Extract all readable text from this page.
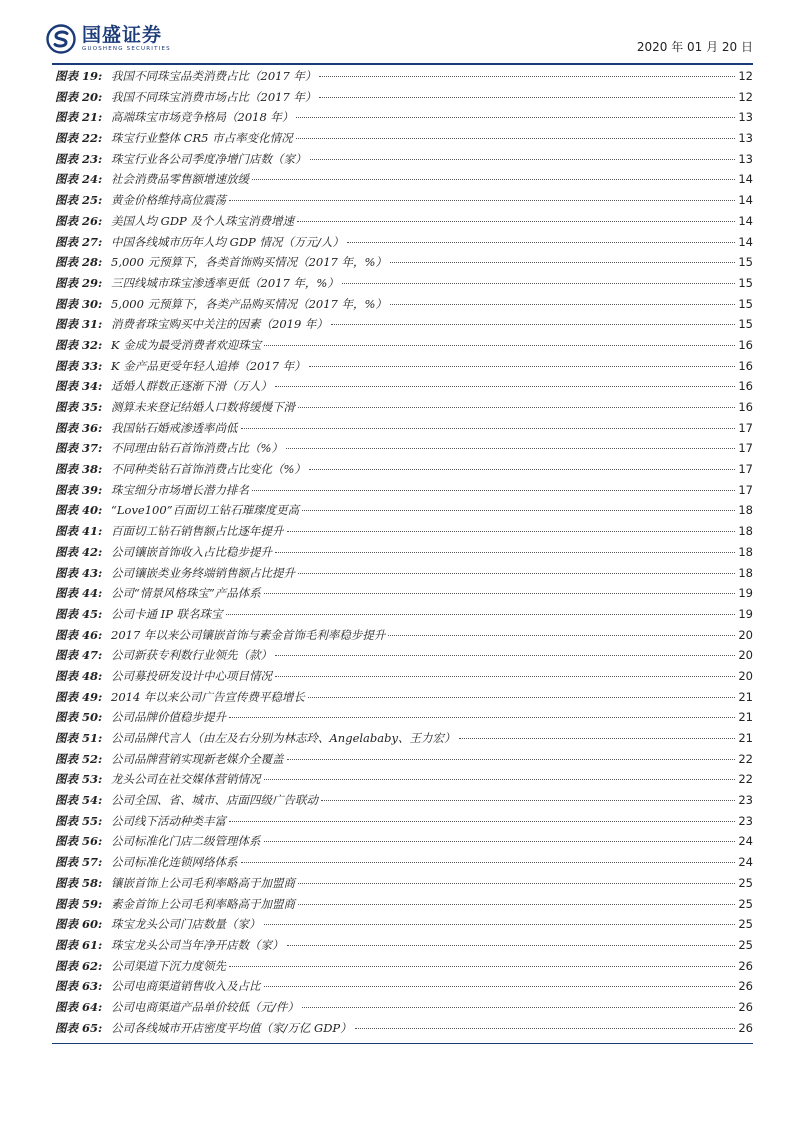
国盛证券
GUOSHENG SECURITIES	2020 年 01 月 20 日
图表 19: 我国不同珠宝品类消费占比（2017 年）	12
图表 20: 我国不同珠宝消费市场占比（2017 年）	12
图表 21: 高端珠宝市场竞争格局（2018 年）	13
图表 22: 珠宝行业整体 CR5 市占率变化情况	13
图表 23: 珠宝行业各公司季度净增门店数（家）	13
图表 24: 社会消费品零售额增速放缓	14
图表 25: 黄金价格维持高位震荡	14
图表 26: 美国人均 GDP 及个人珠宝消费增速	14
图表 27: 中国各线城市历年人均 GDP 情况（万元/人）	14
图表 28: 5,000 元预算下，各类首饰购买情况（2017 年，%）	15
图表 29: 三四线城市珠宝渗透率更低（2017 年，%）	15
图表 30: 5,000 元预算下，各类产品购买情况（2017 年，%）	15
图表 31: 消费者珠宝购买中关注的因素（2019 年）	15
图表 32: K 金成为最受消费者欢迎珠宝	16
图表 33: K 金产品更受年轻人追捧（2017 年）	16
图表 34: 适婚人群数正逐渐下滑（万人）	16
图表 35: 测算未来登记结婚人口数将缓慢下滑	16
图表 36: 我国钻石婚戒渗透率尚低	17
图表 37: 不同理由钻石首饰消费占比（%）	17
图表 38: 不同种类钻石首饰消费占比变化（%）	17
图表 39: 珠宝细分市场增长潜力排名	17
图表 40: “Love100”百面切工钻石璀璨度更高	18
图表 41: 百面切工钻石销售额占比逐年提升	18
图表 42: 公司镶嵌首饰收入占比稳步提升	18
图表 43: 公司镶嵌类业务终端销售额占比提升	18
图表 44: 公司“情景风格珠宝”产品体系	19
图表 45: 公司卡通 IP 联名珠宝	19
图表 46: 2017 年以来公司镶嵌首饰与素金首饰毛利率稳步提升	20
图表 47: 公司新获专利数行业领先（款）	20
图表 48: 公司募投研发设计中心项目情况	20
图表 49: 2014 年以来公司广告宣传费平稳增长	21
图表 50: 公司品牌价值稳步提升	21
图表 51: 公司品牌代言人（由左及右分别为林志玲、Angelababy、王力宏）	21
图表 52: 公司品牌营销实现新老媒介全覆盖	22
图表 53: 龙头公司在社交媒体营销情况	22
图表 54: 公司全国、省、城市、店面四级广告联动	23
图表 55: 公司线下活动种类丰富	23
图表 56: 公司标准化门店二级管理体系	24
图表 57: 公司标准化连锁网络体系	24
图表 58: 镶嵌首饰上公司毛利率略高于加盟商	25
图表 59: 素金首饰上公司毛利率略高于加盟商	25
图表 60: 珠宝龙头公司门店数量（家）	25
图表 61: 珠宝龙头公司当年净开店数（家）	25
图表 62: 公司渠道下沉力度领先	26
图表 63: 公司电商渠道销售收入及占比	26
图表 64: 公司电商渠道产品单价较低（元/件）	26
图表 65: 公司各线城市开店密度平均值（家/万亿 GDP）	26
